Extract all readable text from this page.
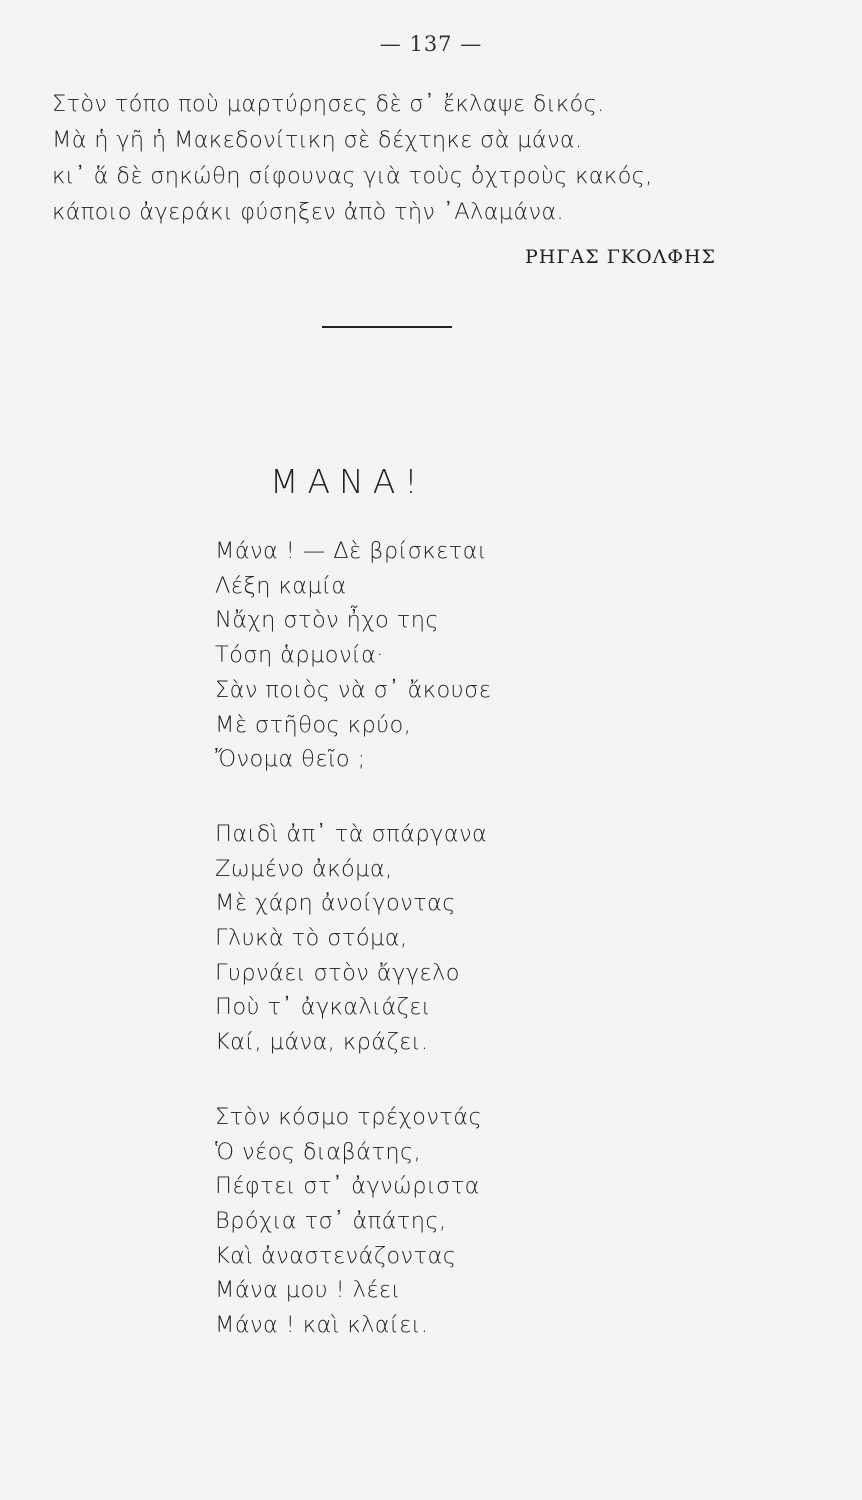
— 137 —
Στὸν τόπο ποὺ μαρτύρησες δὲ σ᾽ ἔκλαψε δικός.
Μὰ ἡ γῆ ἡ Μακεδονίτικη σὲ δέχτηκε σὰ μάνα.
κι᾽ ἅ δὲ σηκώθη σίφουνας γιὰ τοὺς ὀχτροὺς κακός,
κάποιο ἀγεράκι φύσηξεν ἀπὸ τὴν ᾿Αλαμάνα.
ΡΗΓΑΣ ΓΚΟΛΦΗΣ
ΜΑΝΑ!
Μάνα ! — Δὲ βρίσκεται
Λέξη καμία
Νἄχη στὸν ἦχο της
Τόση ἁρμονία·
Σὰν ποιὸς νὰ σ᾽ ἄκουσε
Μὲ στῆθος κρύο,
Ὄνομα θεῖο ;
Παιδὶ ἀπ᾽ τὰ σπάργανα
Ζωμένο ἀκόμα,
Μὲ χάρη ἀνοίγοντας
Γλυκὰ τὸ στόμα,
Γυρνάει στὸν ἄγγελο
Ποὺ τ᾽ ἀγκαλιάζει
Καί, μάνα, κράζει.
Στὸν κόσμο τρέχοντάς
Ὁ νέος διαβάτης,
Πέφτει στ᾽ ἀγνώριστα
Βρόχια τσ᾽ ἀπάτης,
Καὶ ἀναστενάζοντας
Μάνα μου ! λέει
Μάνα ! καὶ κλαίει.
